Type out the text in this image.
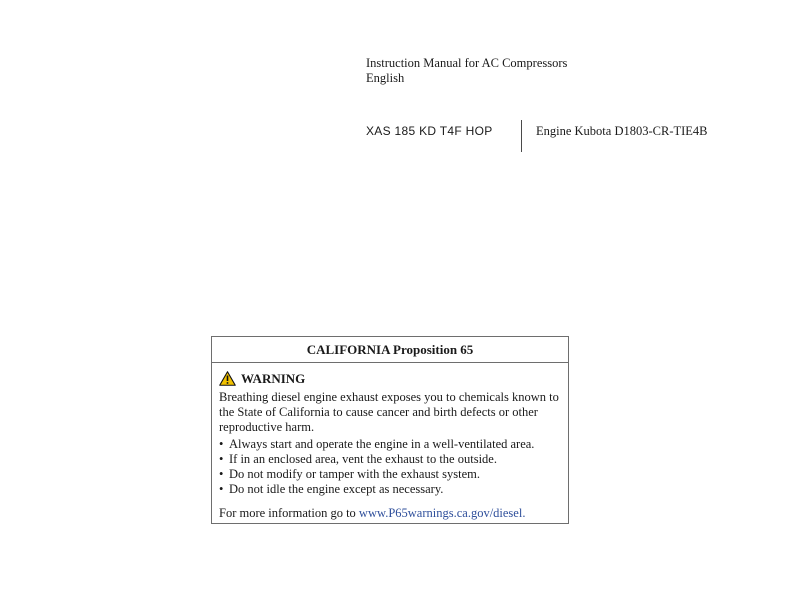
Instruction Manual for AC Compressors
English
XAS 185 KD T4F HOP	Engine Kubota D1803-CR-TIE4B
CALIFORNIA Proposition 65
WARNING

Breathing diesel engine exhaust exposes you to chemicals known to the State of California to cause cancer and birth defects or other reproductive harm.

• Always start and operate the engine in a well-ventilated area.
• If in an enclosed area, vent the exhaust to the outside.
• Do not modify or tamper with the exhaust system.
• Do not idle the engine except as necessary.
For more information go to www.P65warnings.ca.gov/diesel.
